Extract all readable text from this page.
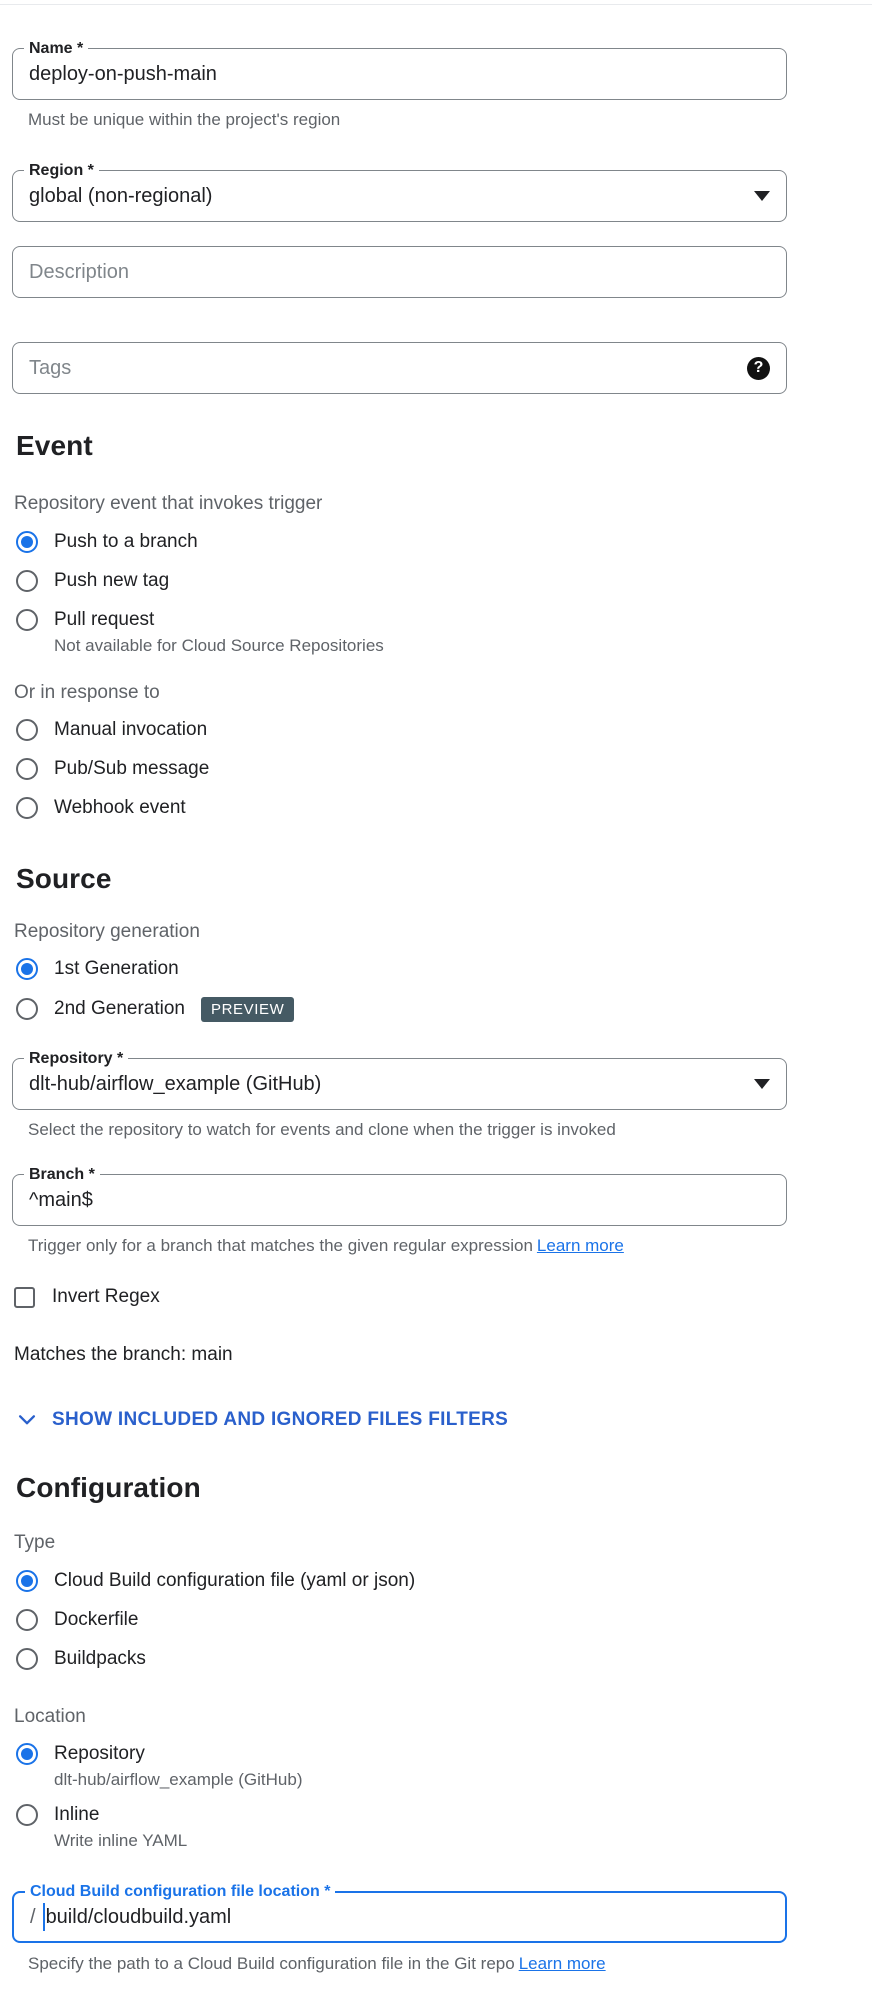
Name *
deploy-on-push-main
Must be unique within the project's region
Region *
global (non-regional)
Description
Tags	?
Event
Repository event that invokes trigger
Push to a branch
Push new tag
Pull request
Not available for Cloud Source Repositories
Or in response to
Manual invocation
Pub/Sub message
Webhook event
Source
Repository generation
1st Generation
2nd Generation	PREVIEW
Repository *
dlt-hub/airflow_example (GitHub)
Select the repository to watch for events and clone when the trigger is invoked
Branch *
^main$
Trigger only for a branch that matches the given regular expression Learn more
Invert Regex
Matches the branch: main
SHOW INCLUDED AND IGNORED FILES FILTERS
Configuration
Type
Cloud Build configuration file (yaml or json)
Dockerfile
Buildpacks
Location
Repository
dlt-hub/airflow_example (GitHub)
Inline
Write inline YAML
Cloud Build configuration file location *
/ build/cloudbuild.yaml
Specify the path to a Cloud Build configuration file in the Git repo Learn more
